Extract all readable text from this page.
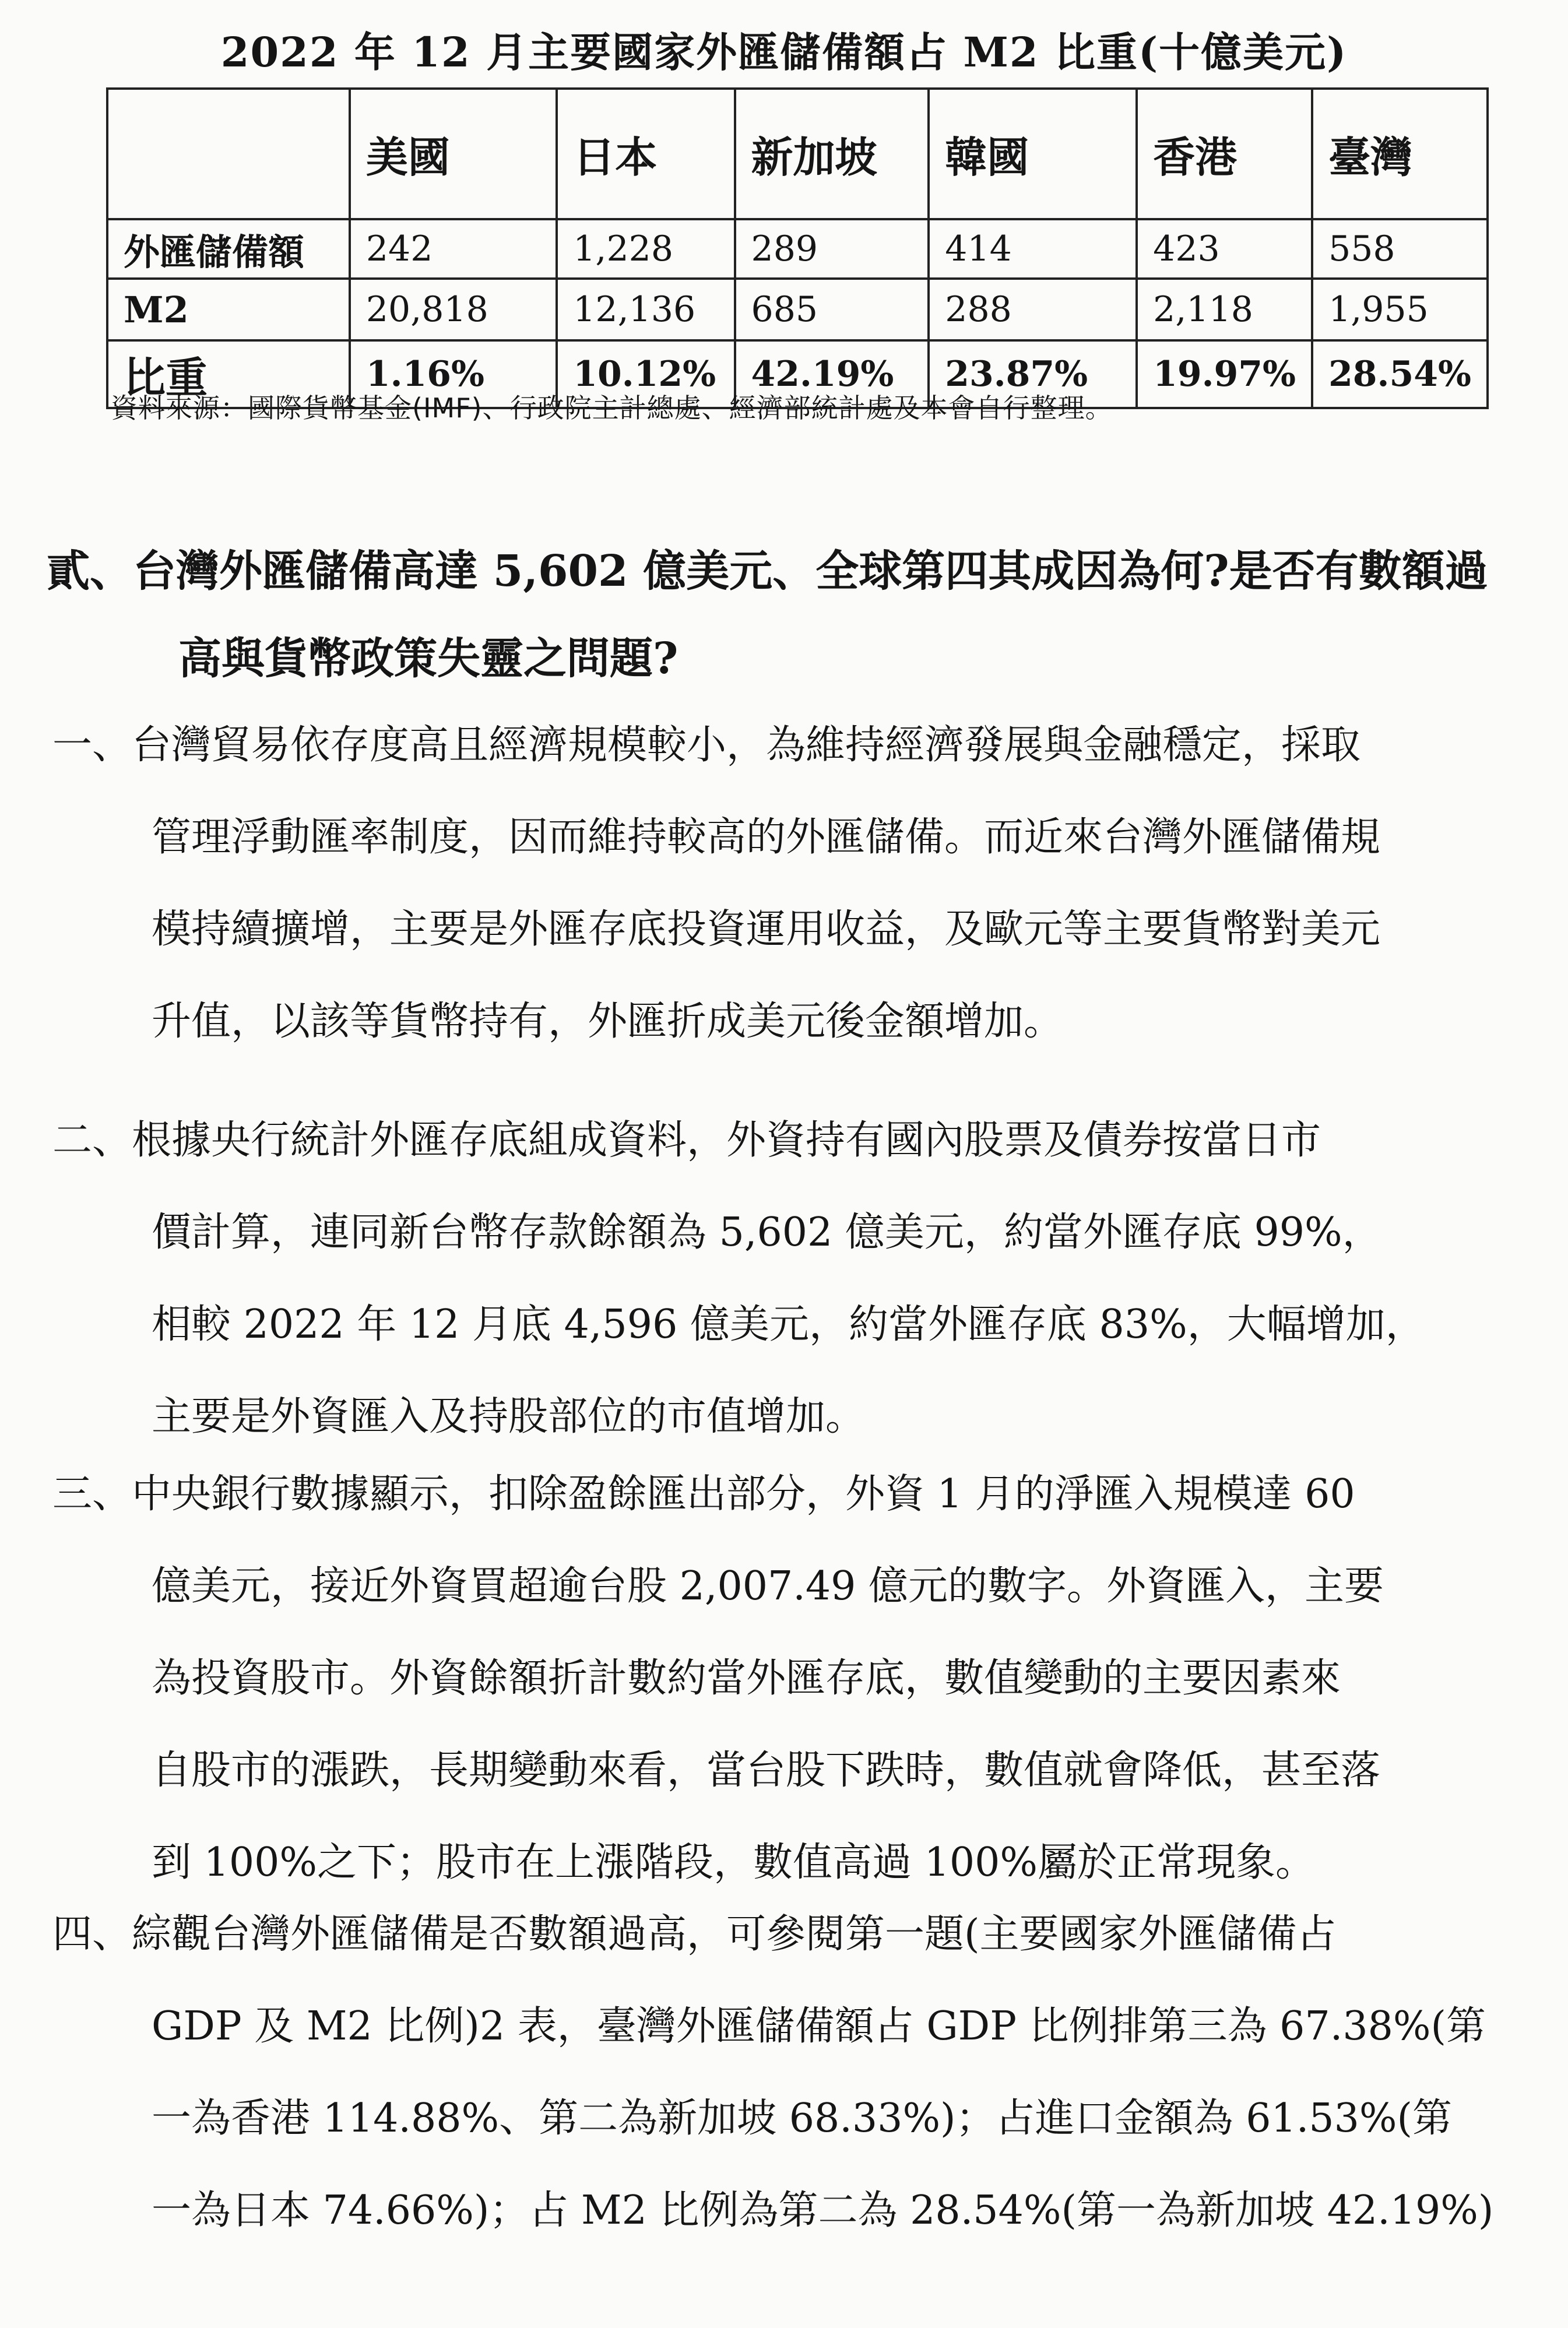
2022 年 12 月主要國家外匯儲備額占 M2 比重(十億美元)
	美國	日本	新加坡	韓國	香港	臺灣
外匯儲備額	242	1,228	289	414	423	558
M2	20,818	12,136	685	288	2,118	1,955
比重	1.16%	10.12%	42.19%	23.87%	19.97%	28.54%
資料來源：國際貨幣基金(IMF)、行政院主計總處、經濟部統計處及本會自行整理。
貳、台灣外匯儲備高達 5,602 億美元、全球第四其成因為何?是否有數額過
高與貨幣政策失靈之問題?
一、台灣貿易依存度高且經濟規模較小，為維持經濟發展與金融穩定，採取
管理浮動匯率制度，因而維持較高的外匯儲備。而近來台灣外匯儲備規
模持續擴增，主要是外匯存底投資運用收益，及歐元等主要貨幣對美元
升值，以該等貨幣持有，外匯折成美元後金額增加。
二、根據央行統計外匯存底組成資料，外資持有國內股票及債券按當日市
價計算，連同新台幣存款餘額為 5,602 億美元，約當外匯存底 99%，
相較 2022 年 12 月底 4,596 億美元，約當外匯存底 83%，大幅增加，
主要是外資匯入及持股部位的市值增加。
三、中央銀行數據顯示，扣除盈餘匯出部分，外資 1 月的淨匯入規模達 60
億美元，接近外資買超逾台股 2,007.49 億元的數字。外資匯入，主要
為投資股市。外資餘額折計數約當外匯存底，數值變動的主要因素來
自股市的漲跌，長期變動來看，當台股下跌時，數值就會降低，甚至落
到 100%之下；股市在上漲階段，數值高過 100%屬於正常現象。
四、綜觀台灣外匯儲備是否數額過高，可參閱第一題(主要國家外匯儲備占
GDP 及 M2 比例)2 表，臺灣外匯儲備額占 GDP 比例排第三為 67.38%(第
一為香港 114.88%、第二為新加坡 68.33%)；占進口金額為 61.53%(第
一為日本 74.66%)；占 M2 比例為第二為 28.54%(第一為新加坡 42.19%)
